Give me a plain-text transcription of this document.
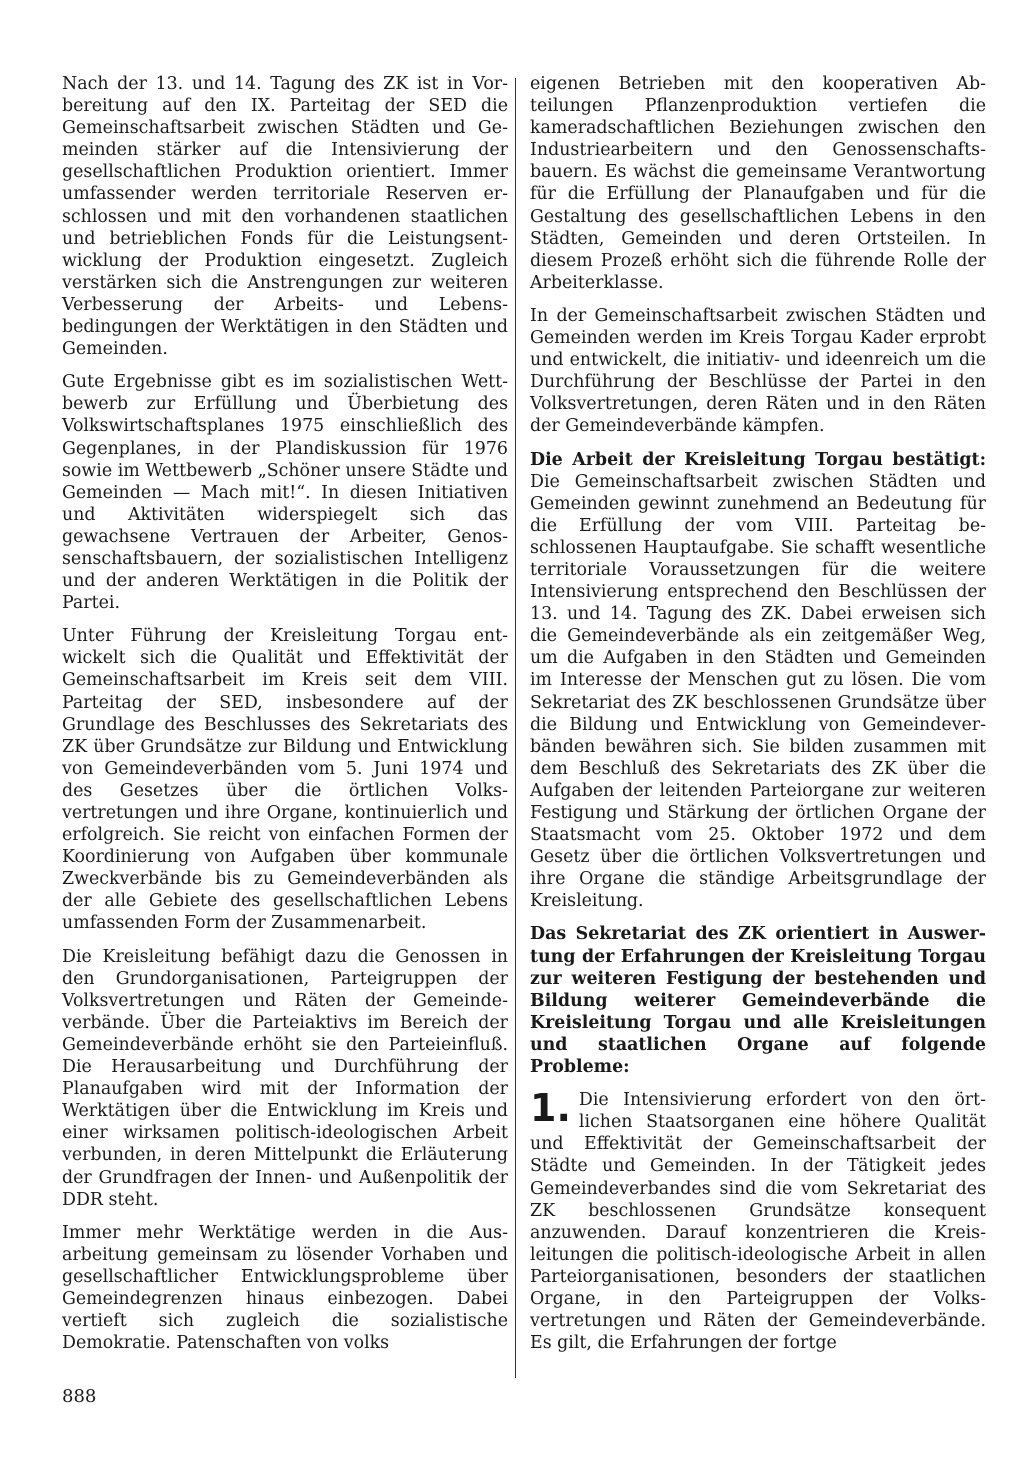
Nach der 13. und 14. Tagung des ZK ist in Vorbereitung auf den IX. Parteitag der SED die Gemeinschaftsarbeit zwischen Städten und Gemeinden stärker auf die Intensivierung der gesellschaftlichen Produktion orientiert. Immer umfassender werden territoriale Reserven erschlossen und mit den vorhandenen staatlichen und betrieblichen Fonds für die Leistungsentwicklung der Produktion eingesetzt. Zugleich verstärken sich die Anstrengungen zur weiteren Verbesserung der Arbeits- und Lebensbedingungen der Werktätigen in den Städten und Gemeinden.

Gute Ergebnisse gibt es im sozialistischen Wettbewerb zur Erfüllung und Überbietung des Volkswirtschaftsplanes 1975 einschließlich des Gegenplanes, in der Plandiskussion für 1976 sowie im Wettbewerb „Schöner unsere Städte und Gemeinden — Mach mit!“. In diesen Initiativen und Aktivitäten widerspiegelt sich das gewachsene Vertrauen der Arbeiter, Genossenschaftsbauern, der sozialistischen Intelligenz und der anderen Werktätigen in die Politik der Partei.

Unter Führung der Kreisleitung Torgau entwickelt sich die Qualität und Effektivität der Gemeinschaftsarbeit im Kreis seit dem VIII. Parteitag der SED, insbesondere auf der Grundlage des Beschlusses des Sekretariats des ZK über Grundsätze zur Bildung und Entwicklung von Gemeindeverbänden vom 5. Juni 1974 und des Gesetzes über die örtlichen Volksvertretungen und ihre Organe, kontinuierlich und erfolgreich. Sie reicht von einfachen Formen der Koordinierung von Aufgaben über kommunale Zweckverbände bis zu Gemeindeverbänden als der alle Gebiete des gesellschaftlichen Lebens umfassenden Form der Zusammenarbeit.

Die Kreisleitung befähigt dazu die Genossen in den Grundorganisationen, Parteigruppen der Volksvertretungen und Räten der Gemeindeverbände. Über die Parteiaktivs im Bereich der Gemeindeverbände erhöht sie den Parteieinfluß. Die Herausarbeitung und Durchführung der Planaufgaben wird mit der Information der Werktätigen über die Entwicklung im Kreis und einer wirksamen politisch-ideologischen Arbeit verbunden, in deren Mittelpunkt die Erläuterung der Grundfragen der Innen- und Außenpolitik der DDR steht.

Immer mehr Werktätige werden in die Ausarbeitung gemeinsam zu lösender Vorhaben und gesellschaftlicher Entwicklungsprobleme über Gemeindegrenzen hinaus einbezogen. Dabei vertieft sich zugleich die sozialistische Demokratie. Patenschaften von volks

eigenen Betrieben mit den kooperativen Abteilungen Pflanzenproduktion vertiefen die kameradschaftlichen Beziehungen zwischen den Industriearbeitern und den Genossenschaftsbauern. Es wächst die gemeinsame Verantwortung für die Erfüllung der Planaufgaben und für die Gestaltung des gesellschaftlichen Lebens in den Städten, Gemeinden und deren Ortsteilen. In diesem Prozeß erhöht sich die führende Rolle der Arbeiterklasse.

In der Gemeinschaftsarbeit zwischen Städten und Gemeinden werden im Kreis Torgau Kader erprobt und entwickelt, die initiativ- und ideenreich um die Durchführung der Beschlüsse der Partei in den Volksvertretungen, deren Räten und in den Räten der Gemeindeverbände kämpfen.

Die Arbeit der Kreisleitung Torgau bestätigt: Die Gemeinschaftsarbeit zwischen Städten und Gemeinden gewinnt zunehmend an Bedeutung für die Erfüllung der vom VIII. Parteitag beschlossenen Hauptaufgabe. Sie schafft wesentliche territoriale Voraussetzungen für die weitere Intensivierung entsprechend den Beschlüssen der 13. und 14. Tagung des ZK. Dabei erweisen sich die Gemeindeverbände als ein zeitgemäßer Weg, um die Aufgaben in den Städten und Gemeinden im Interesse der Menschen gut zu lösen. Die vom Sekretariat des ZK beschlossenen Grundsätze über die Bildung und Entwicklung von Gemeindeverbänden bewähren sich. Sie bilden zusammen mit dem Beschluß des Sekretariats des ZK über die Aufgaben der leitenden Parteiorgane zur weiteren Festigung und Stärkung der örtlichen Organe der Staatsmacht vom 25. Oktober 1972 und dem Gesetz über die örtlichen Volksvertretungen und ihre Organe die ständige Arbeitsgrundlage der Kreisleitung.

Das Sekretariat des ZK orientiert in Auswertung der Erfahrungen der Kreisleitung Torgau zur weiteren Festigung der bestehenden und Bildung weiterer Gemeindeverbände die Kreisleitung Torgau und alle Kreisleitungen und staatlichen Organe auf folgende Probleme:

1. Die Intensivierung erfordert von den örtlichen Staatsorganen eine höhere Qualität und Effektivität der Gemeinschaftsarbeit der Städte und Gemeinden. In der Tätigkeit jedes Gemeindeverbandes sind die vom Sekretariat des ZK beschlossenen Grundsätze konsequent anzuwenden. Darauf konzentrieren die Kreisleitungen die politisch-ideologische Arbeit in allen Parteiorganisationen, besonders der staatlichen Organe, in den Parteigruppen der Volksvertretungen und Räten der Gemeindeverbände. Es gilt, die Erfahrungen der fortge

888
